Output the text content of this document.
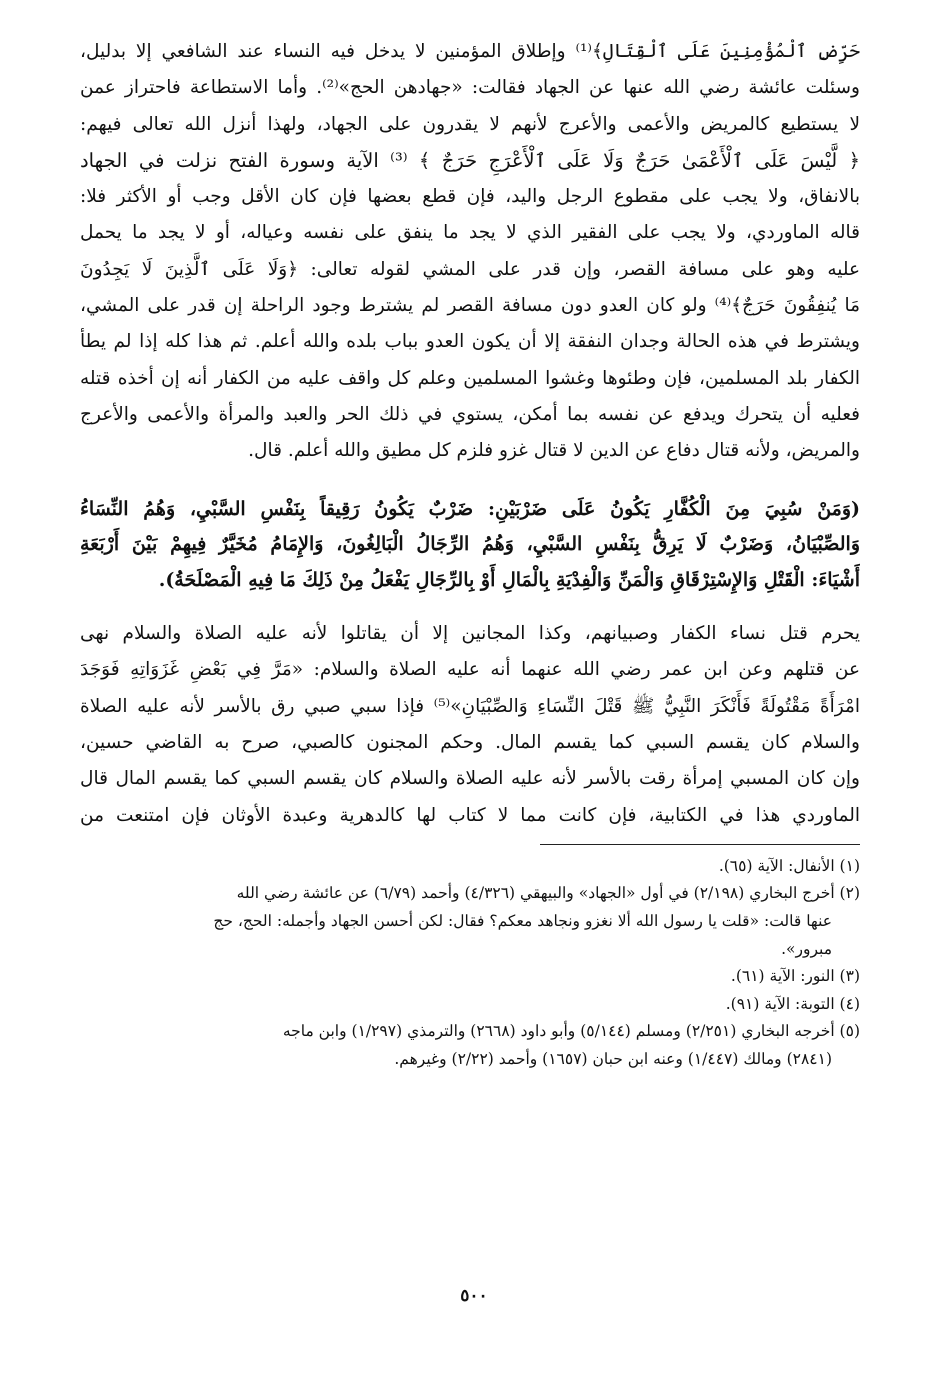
حَرِّضِ ٱلْمُؤْمِنِينَ عَلَى ٱلْقِتَالِ﴾⁽¹⁾ وإطلاق المؤمنين لا يدخل فيه النساء عند الشافعي إلا بدليل،
وسئلت عائشة رضي الله عنها عن الجهاد فقالت: «جهادهن الحج»⁽²⁾. وأما الاستطاعة فاحتراز عمن
لا يستطيع كالمريض والأعمى والأعرج لأنهم لا يقدرون على الجهاد، ولهذا أنزل الله تعالى فيهم:
﴿ لَّيْسَ عَلَى ٱلْأَعْمَىٰ حَرَجٌ وَلَا عَلَى ٱلْأَعْرَجِ حَرَجٌ ﴾ ⁽³⁾ الآية وسورة الفتح نزلت في الجهاد
بالانفاق، ولا يجب على مقطوع الرجل واليد، فإن قطع بعضها فإن كان الأقل وجب أو الأكثر فلا:
قاله الماوردي، ولا يجب على الفقير الذي لا يجد ما ينفق على نفسه وعياله، أو لا يجد ما يحمل
عليه وهو على مسافة القصر، وإن قدر على المشي لقوله تعالى: ﴿وَلَا عَلَى ٱلَّذِينَ لَا يَجِدُونَ
مَا يُنفِقُونَ حَرَجٌ﴾⁽⁴⁾ ولو كان العدو دون مسافة القصر لم يشترط وجود الراحلة إن قدر على المشي،
ويشترط في هذه الحالة وجدان النفقة إلا أن يكون العدو بباب بلده والله أعلم. ثم هذا كله إذا لم يطأ
الكفار بلد المسلمين، فإن وطئوها وغشوا المسلمين وعلم كل واقف عليه من الكفار أنه إن أخذه قتله
فعليه أن يتحرك ويدفع عن نفسه بما أمكن، يستوي في ذلك الحر والعبد والمرأة والأعمى والأعرج
والمريض، ولأنه قتال دفاع عن الدين لا قتال غزو فلزم كل مطيق والله أعلم. قال.
(وَمَنْ سُبِيَ مِنَ الْكُفَّارِ يَكُونُ عَلَى ضَرْبَيْنِ: ضَرْبٌ يَكُونُ رَقِيقاً بِنَفْسِ السَّبْيِ، وَهُمُ النِّسَاءُ
وَالصِّبْيَانُ، وَضَرْبٌ لَا يَرِقُّ بِنَفْسِ السَّبْيِ، وَهُمُ الرِّجَالُ الْبَالِغُونَ، وَالإِمَامُ مُخَيَّرٌ فِيهِمْ بَيْنَ أَرْبَعَةِ
أَشْيَاءَ: الْقَتْلِ وَالإِسْتِرْقَاقِ وَالْمَنِّ وَالْفِدْيَةِ بِالْمَالِ أَوْ بِالرِّجَالِ يَفْعَلُ مِنْ ذَلِكَ مَا فِيهِ الْمَصْلَحَةُ).
يحرم قتل نساء الكفار وصبيانهم، وكذا المجانين إلا أن يقاتلوا لأنه عليه الصلاة والسلام نهى
عن قتلهم وعن ابن عمر رضي الله عنهما أنه عليه الصلاة والسلام: «مَرَّ فِي بَعْضِ غَزَوَاتِهِ فَوَجَدَ
امْرَأَةً مَقْتُولَةً فَأَنْكَرَ النَّبِيُّ ﷺ قَتْلَ النِّسَاءِ وَالصِّبْيَانِ»⁽⁵⁾ فإذا سبي صبي رق بالأسر لأنه عليه الصلاة
والسلام كان يقسم السبي كما يقسم المال. وحكم المجنون كالصبي، صرح به القاضي حسين،
وإن كان المسبي إمرأة رقت بالأسر لأنه عليه الصلاة والسلام كان يقسم السبي كما يقسم المال قال
الماوردي هذا في الكتابية، فإن كانت مما لا كتاب لها كالدهرية وعبدة الأوثان فإن امتنعت من
(١) الأنفال: الآية (٦٥).
(٢) أخرج البخاري (٢/١٩٨) في أول «الجهاد» والبيهقي (٤/٣٢٦) وأحمد (٦/٧٩) عن عائشة رضي الله
عنها قالت: «قلت يا رسول الله ألا نغزو ونجاهد معكم؟ فقال: لكن أحسن الجهاد وأجمله: الحج، حج
مبرور».
(٣) النور: الآية (٦١).
(٤) التوبة: الآية (٩١).
(٥) أخرجه البخاري (٢/٢٥١) ومسلم (٥/١٤٤) وأبو داود (٢٦٦٨) والترمذي (١/٢٩٧) وابن ماجه
(٢٨٤١) ومالك (١/٤٤٧) وعنه ابن حبان (١٦٥٧) وأحمد (٢/٢٢) وغيرهم.
٥٠٠
